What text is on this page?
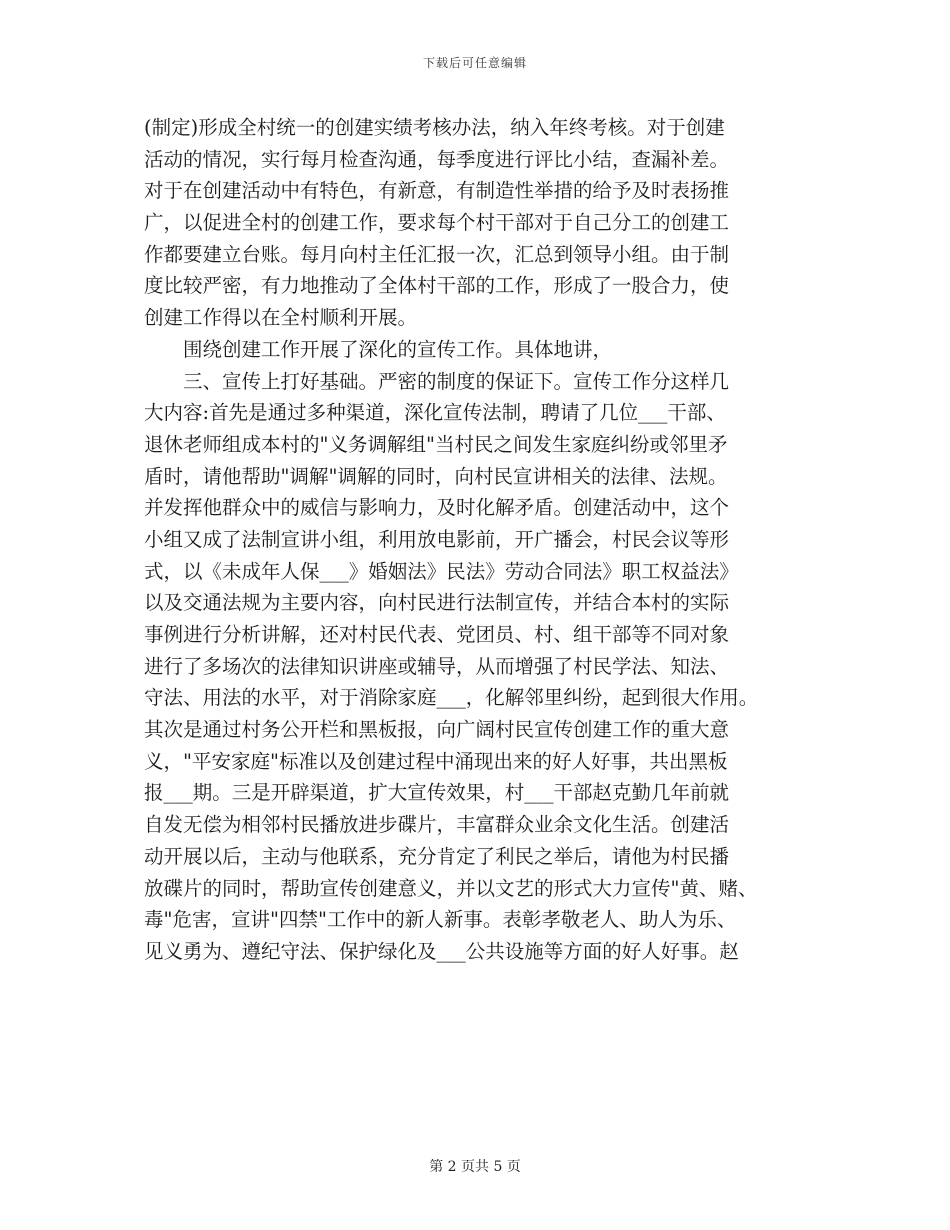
下载后可任意编辑
(制定)形成全村统一的创建实绩考核办法，纳入年终考核。对于创建
活动的情况，实行每月检查沟通，每季度进行评比小结，查漏补差。
对于在创建活动中有特色，有新意，有制造性举措的给予及时表扬推
广，以促进全村的创建工作，要求每个村干部对于自己分工的创建工
作都要建立台账。每月向村主任汇报一次，汇总到领导小组。由于制
度比较严密，有力地推动了全体村干部的工作，形成了一股合力，使
创建工作得以在全村顺利开展。
　　围绕创建工作开展了深化的宣传工作。具体地讲，
　　三、宣传上打好基础。严密的制度的保证下。宣传工作分这样几
大内容:首先是通过多种渠道，深化宣传法制，聘请了几位___干部、
退休老师组成本村的"义务调解组"当村民之间发生家庭纠纷或邻里矛
盾时，请他帮助"调解"调解的同时，向村民宣讲相关的法律、法规。
并发挥他群众中的威信与影响力，及时化解矛盾。创建活动中，这个
小组又成了法制宣讲小组，利用放电影前，开广播会，村民会议等形
式，以《未成年人保___》婚姻法》民法》劳动合同法》职工权益法》
以及交通法规为主要内容，向村民进行法制宣传，并结合本村的实际
事例进行分析讲解，还对村民代表、党团员、村、组干部等不同对象
进行了多场次的法律知识讲座或辅导，从而增强了村民学法、知法、
守法、用法的水平，对于消除家庭___，化解邻里纠纷，起到很大作用。
其次是通过村务公开栏和黑板报，向广阔村民宣传创建工作的重大意
义，"平安家庭"标准以及创建过程中涌现出来的好人好事，共出黑板
报___期。三是开辟渠道，扩大宣传效果，村___干部赵克勤几年前就
自发无偿为相邻村民播放进步碟片，丰富群众业余文化生活。创建活
动开展以后，主动与他联系，充分肯定了利民之举后，请他为村民播
放碟片的同时，帮助宣传创建意义，并以文艺的形式大力宣传"黄、赌、
毒"危害，宣讲"四禁"工作中的新人新事。表彰孝敬老人、助人为乐、
见义勇为、遵纪守法、保护绿化及___公共设施等方面的好人好事。赵
第 2 页共 5 页
